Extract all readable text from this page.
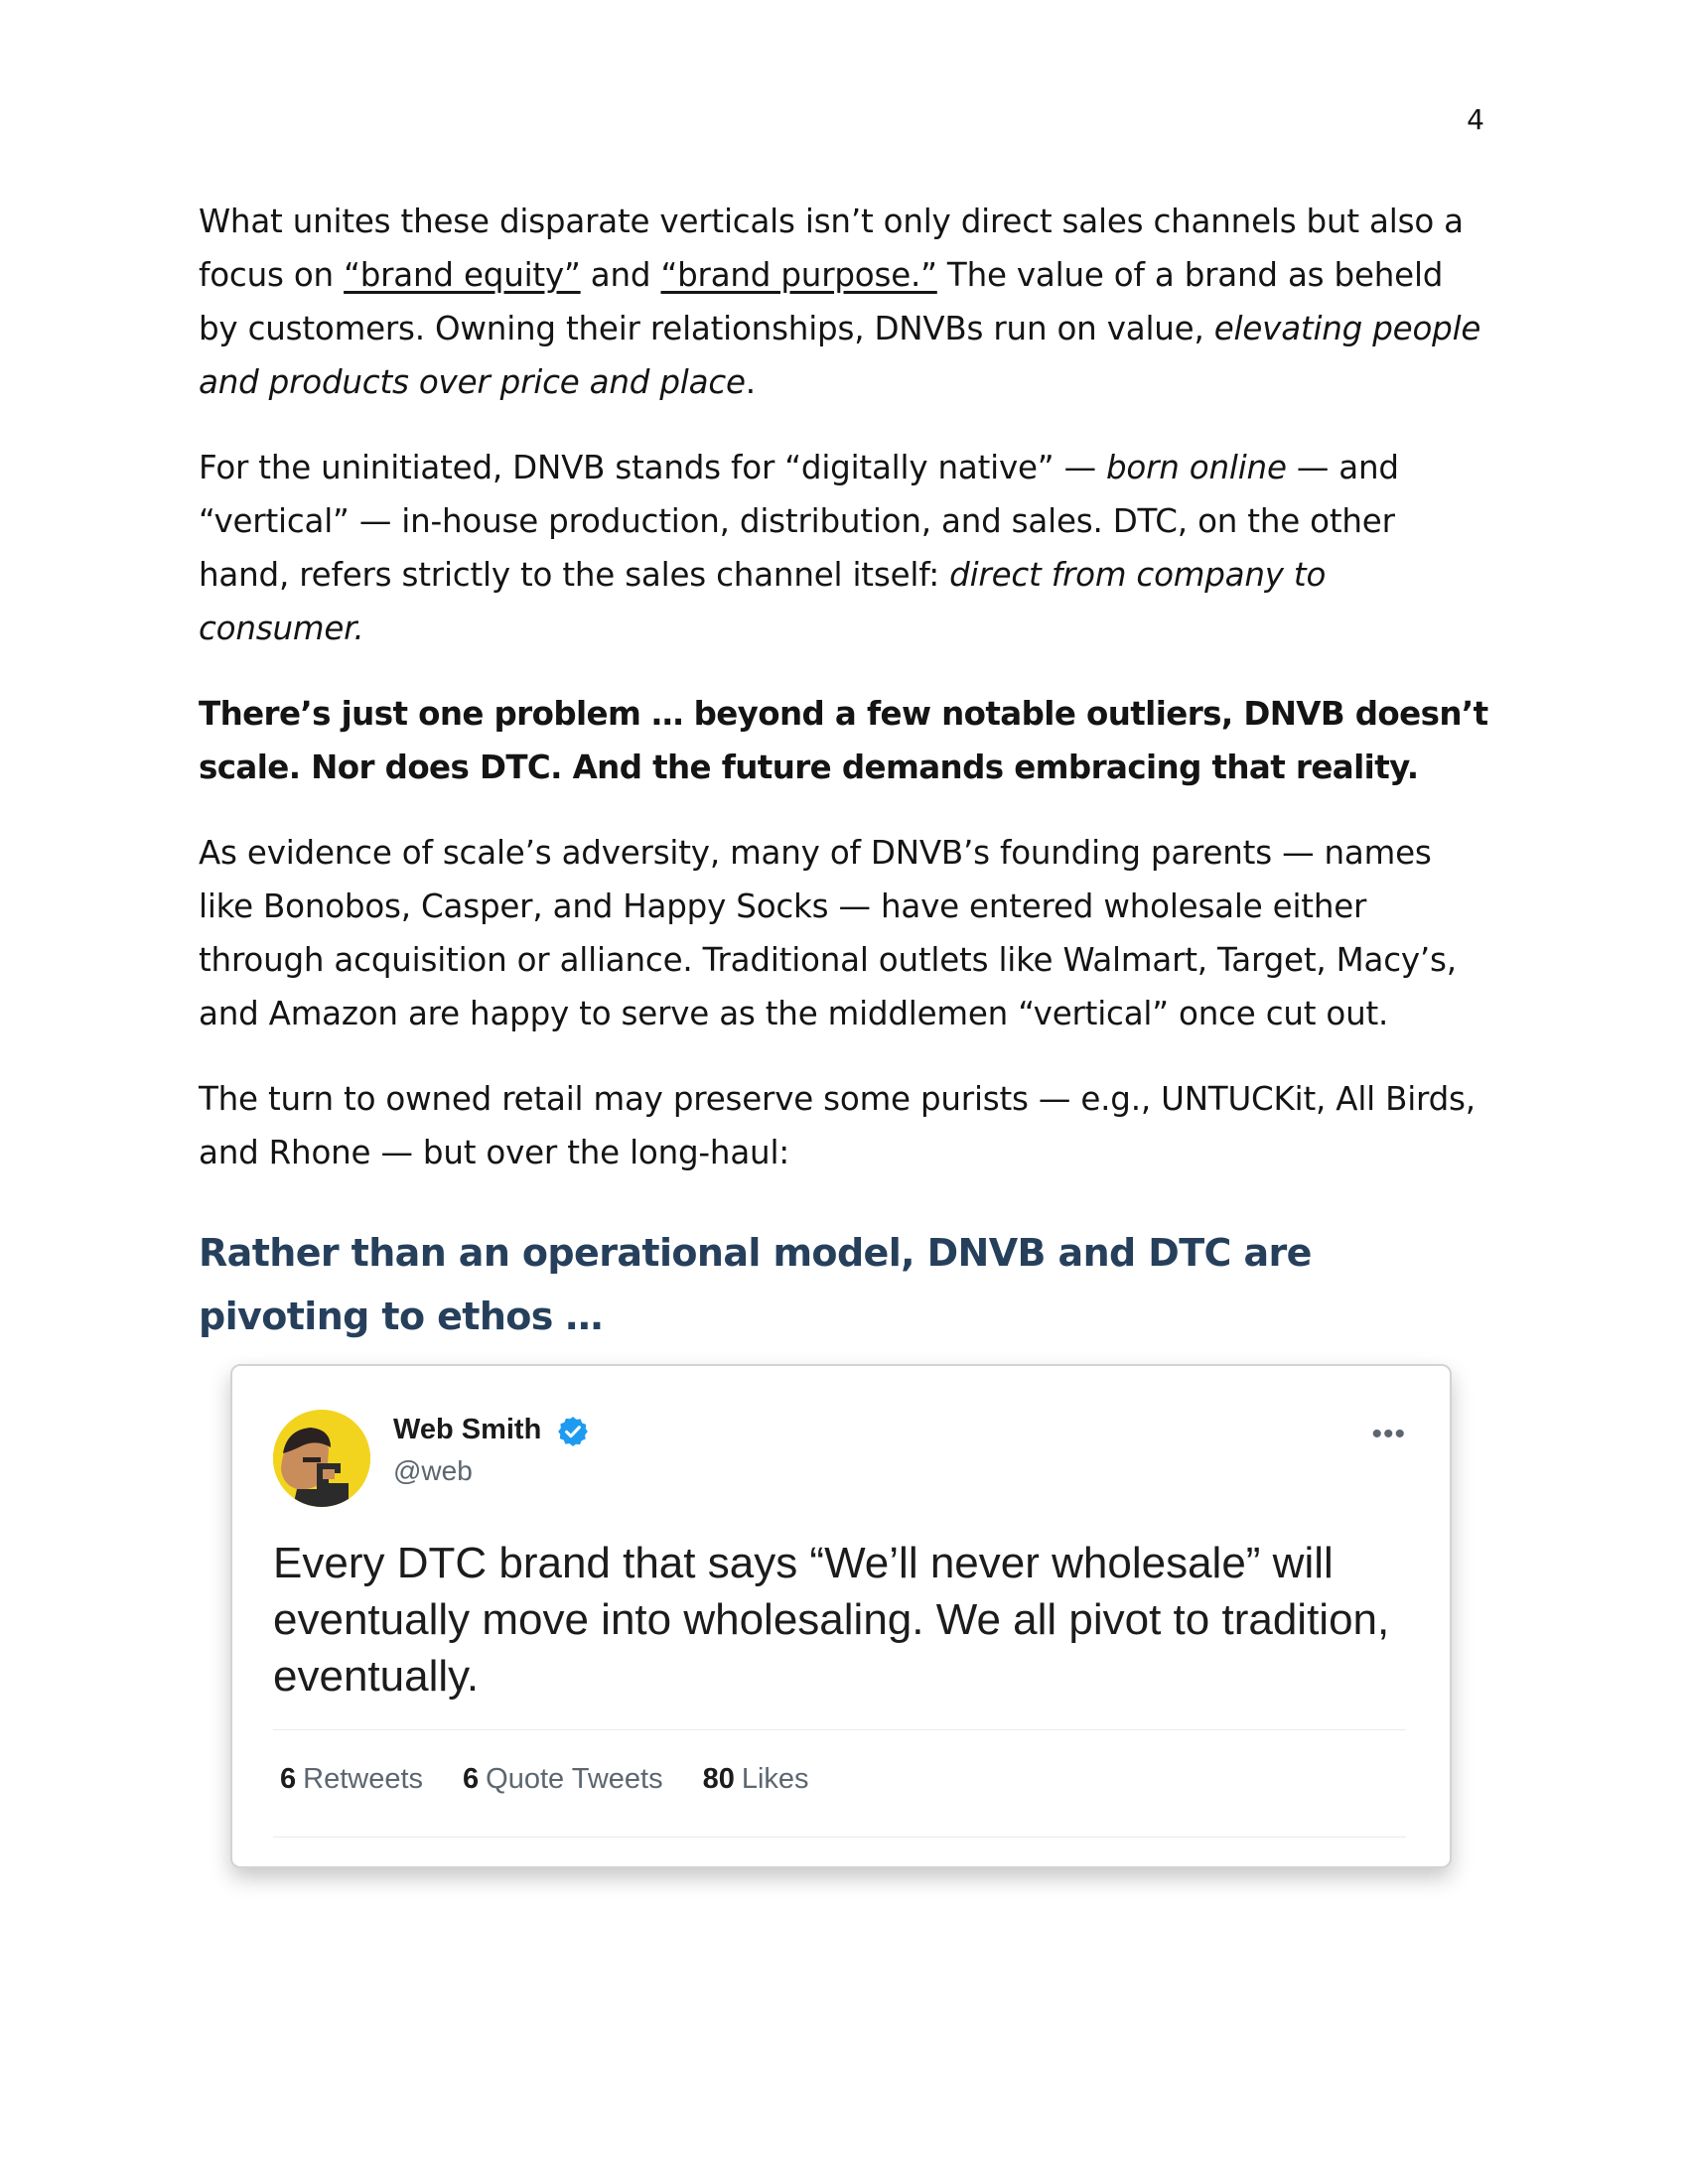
4

What unites these disparate verticals isn’t only direct sales channels but also a focus on “brand equity” and “brand purpose.” The value of a brand as beheld by customers. Owning their relationships, DNVBs run on value, elevating people and products over price and place.

For the uninitiated, DNVB stands for “digitally native” — born online — and “vertical” — in-house production, distribution, and sales. DTC, on the other hand, refers strictly to the sales channel itself: direct from company to consumer.

There’s just one problem … beyond a few notable outliers, DNVB doesn’t scale. Nor does DTC. And the future demands embracing that reality.

As evidence of scale’s adversity, many of DNVB’s founding parents — names like Bonobos, Casper, and Happy Socks — have entered wholesale either through acquisition or alliance. Traditional outlets like Walmart, Target, Macy’s, and Amazon are happy to serve as the middlemen “vertical” once cut out.

The turn to owned retail may preserve some purists — e.g., UNTUCKit, All Birds, and Rhone — but over the long-haul:

Rather than an operational model, DNVB and DTC are pivoting to ethos …
Web Smith
@web
•••
Every DTC brand that says “We’ll never wholesale” will eventually move into wholesaling. We all pivot to tradition, eventually.
6 Retweets 6 Quote Tweets 80 Likes
